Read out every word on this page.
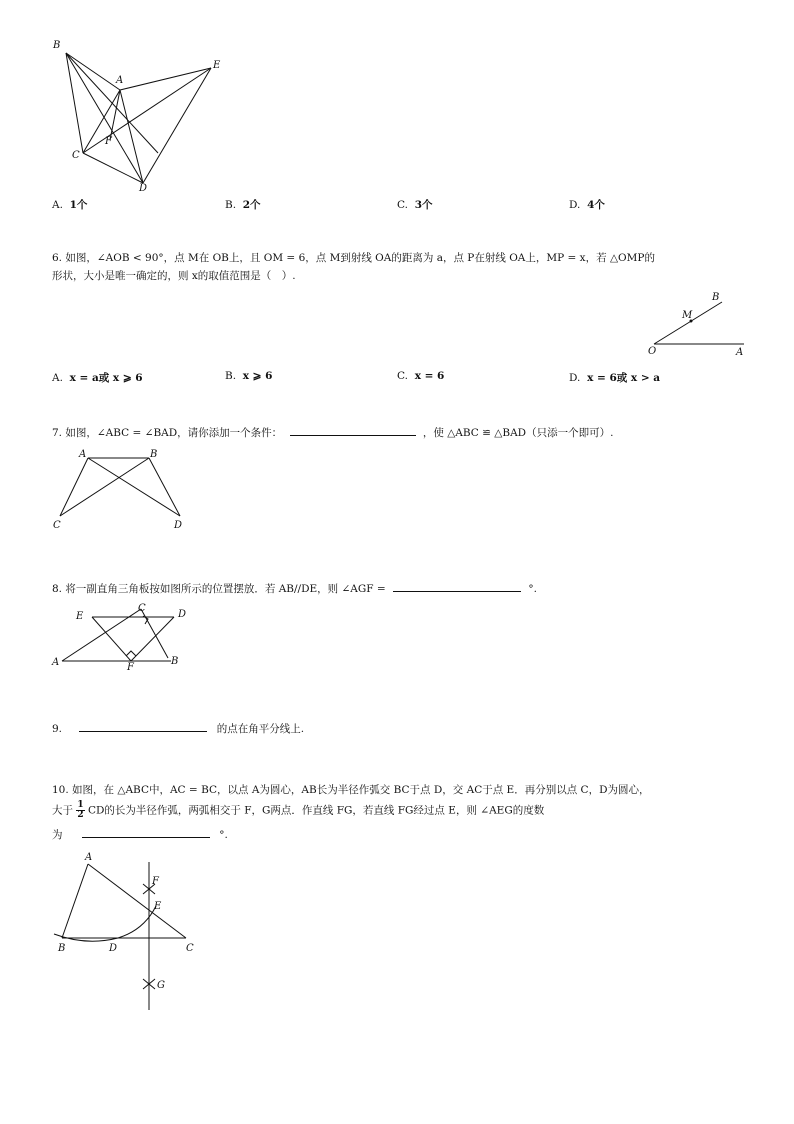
B
A
E
C
F
D
A. 1个	B. 2个	C. 3个	D. 4个
6. 如图，∠AOB < 90°，点 M在 OB上，且 OM = 6，点 M到射线 OA的距离为 a，点 P在射线 OA上，MP = x，若 △OMP的
形状，大小是唯一确定的，则 x的取值范围是（　）.
B
M
O	A
A. x = a或 x ⩾ 6	B. x ⩾ 6	C. x = 6	D. x = 6或 x > a
7. 如图，∠ABC = ∠BAD，请你添加一个条件：	，使 △ABC ≌ △BAD（只添一个即可）.
A	B
C	D
8. 将一副直角三角板按如图所示的位置摆放．若 AB//DE，则 ∠AGF =	°.
E
C
D
A	F
B
9.	的点在角平分线上.
10. 如图，在 △ABC中，AC = BC，以点 A为圆心，AB长为半径作弧交 BC于点 D，交 AC于点 E．再分别以点 C，D为圆心，
大于 $\frac{1}{2}$ CD的长为半径作弧，两弧相交于 F，G两点．作直线 FG，若直线 FG经过点 E，则 ∠AEG的度数
为	°.
A
F
E
B	D	C
G
